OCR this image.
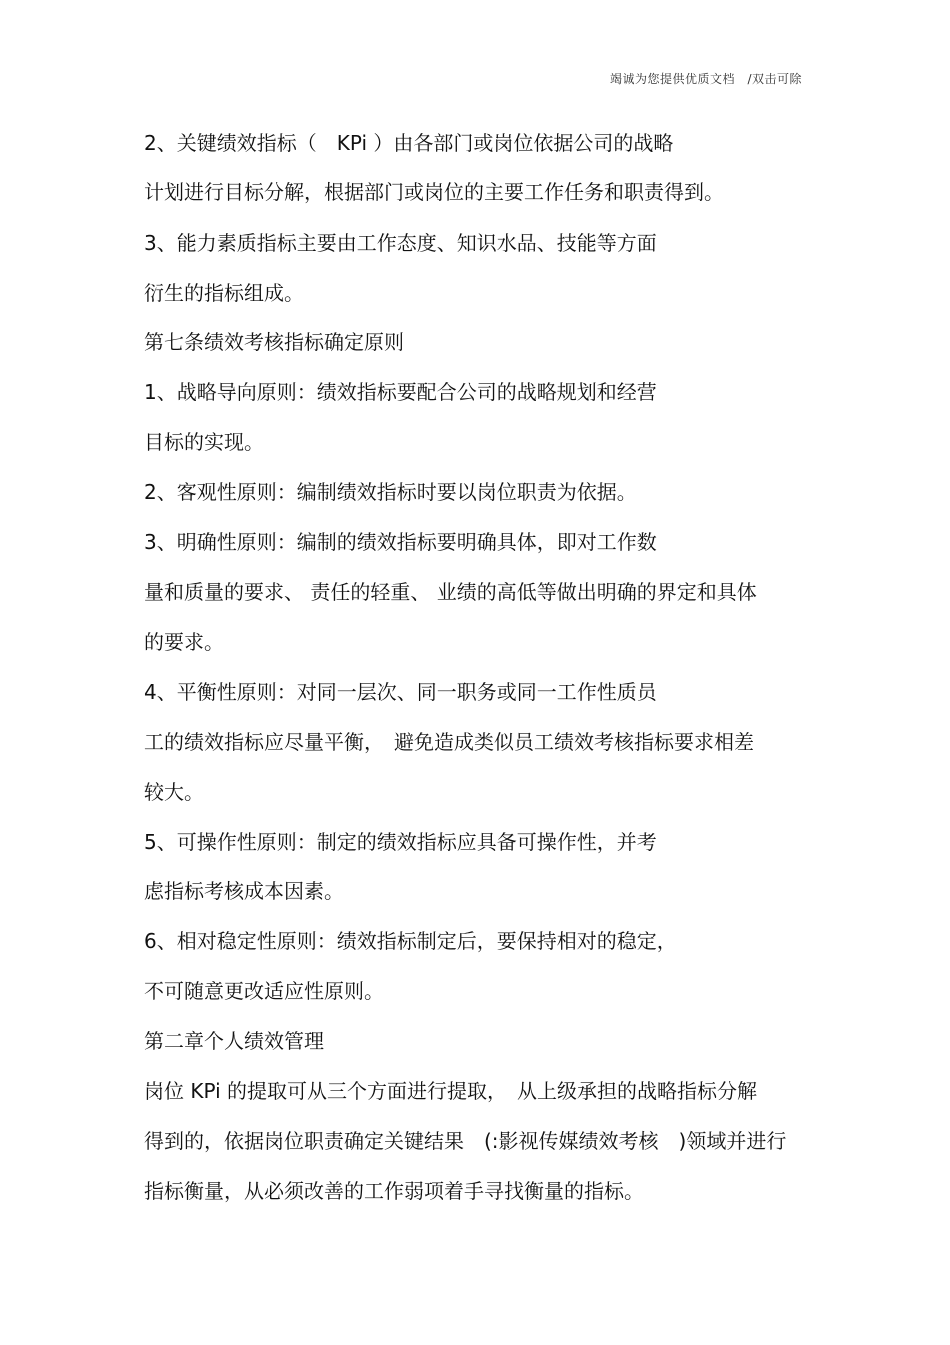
竭诚为您提供优质文档　/双击可除
2、关键绩效指标（　KPi ）由各部门或岗位依据公司的战略
计划进行目标分解，根据部门或岗位的主要工作任务和职责得到。
3、能力素质指标主要由工作态度、知识水品、技能等方面
衍生的指标组成。
第七条绩效考核指标确定原则
1、战略导向原则：绩效指标要配合公司的战略规划和经营
目标的实现。
2、客观性原则：编制绩效指标时要以岗位职责为依据。
3、明确性原则：编制的绩效指标要明确具体，即对工作数
量和质量的要求、 责任的轻重、 业绩的高低等做出明确的界定和具体
的要求。
4、平衡性原则：对同一层次、同一职务或同一工作性质员
工的绩效指标应尽量平衡，　避免造成类似员工绩效考核指标要求相差
较大。
5、可操作性原则：制定的绩效指标应具备可操作性，并考
虑指标考核成本因素。
6、相对稳定性原则：绩效指标制定后，要保持相对的稳定，
不可随意更改适应性原则。
第二章个人绩效管理
岗位 KPi 的提取可从三个方面进行提取，　从上级承担的战略指标分解
得到的，依据岗位职责确定关键结果　(:影视传媒绩效考核　)领域并进行
指标衡量，从必须改善的工作弱项着手寻找衡量的指标。
